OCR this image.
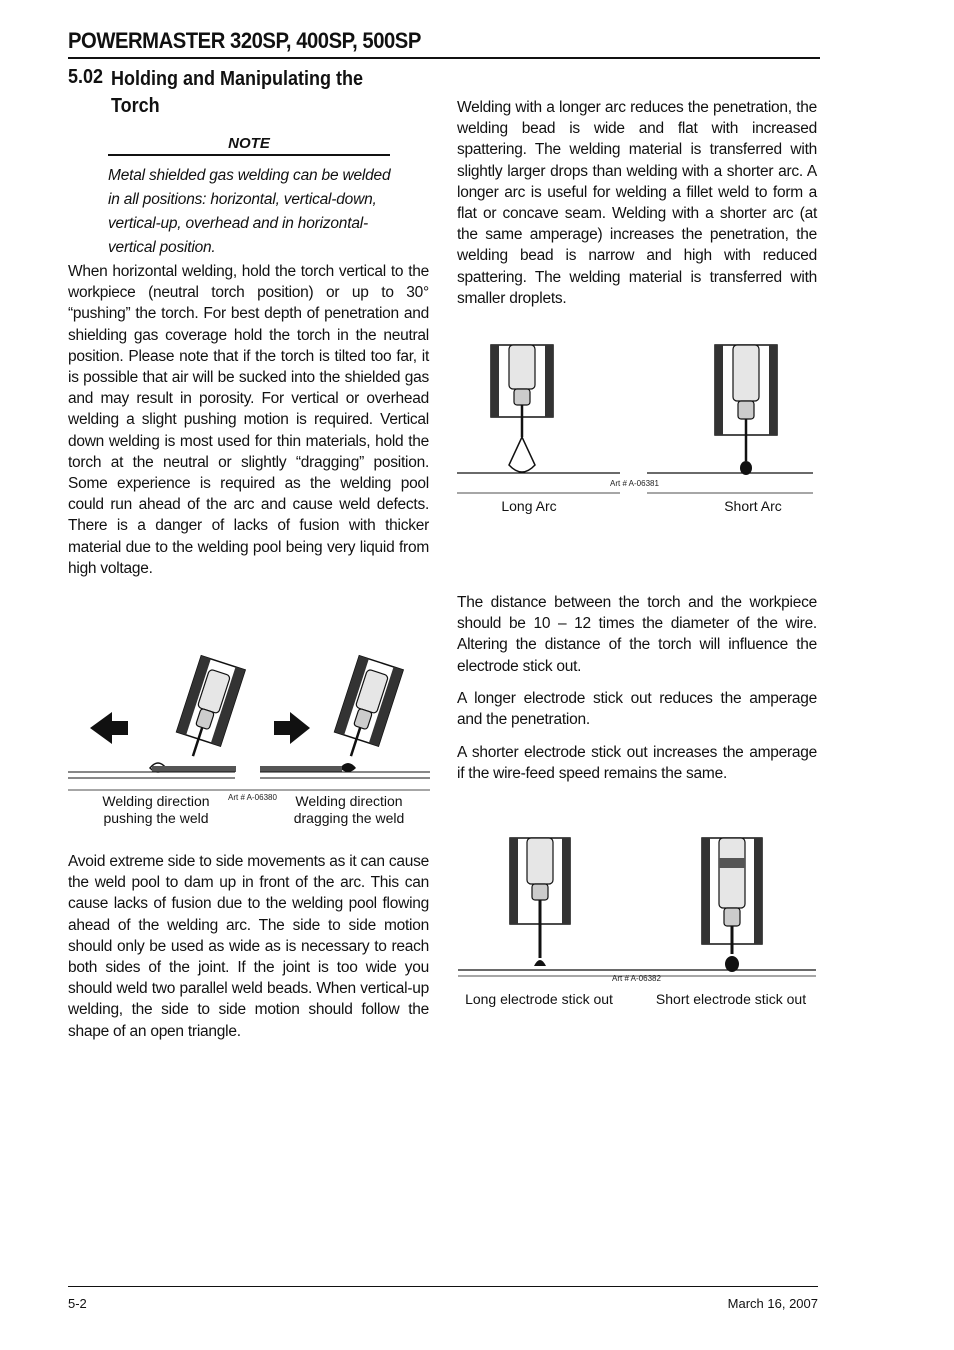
POWERMASTER 320SP, 400SP, 500SP
5.02 Holding and Manipulating the Torch
NOTE
Metal shielded gas welding can be welded in all positions: horizontal, vertical-down, vertical-up, overhead and in horizontal-vertical position.
When horizontal welding, hold the torch vertical to the workpiece (neutral torch position) or up to 30° “pushing” the torch. For best depth of penetration and shielding gas coverage hold the torch in the neutral position. Please note that if the torch is tilted too far, it is possible that air will be sucked into the shielded gas and may result in porosity. For vertical or overhead welding a slight pushing motion is required. Vertical down welding is most used for thin materials, hold the torch at the neutral or slightly “dragging” position. Some experience is required as the welding pool could run ahead of the arc and cause weld defects. There is a danger of lacks of fusion with thicker material due to the welding pool being very liquid from high voltage.
Art # A-06380
Welding direction pushing the weld
Welding direction dragging the weld
Avoid extreme side to side movements as it can cause the weld pool to dam up in front of the arc. This can cause lacks of fusion due to the welding pool flowing ahead of the welding arc. The side to side motion should only be used as wide as is necessary to reach both sides of the joint. If the joint is too wide you should weld two parallel weld beads. When vertical-up welding, the side to side motion should follow the shape of an open triangle.
Welding with a longer arc reduces the penetration, the welding bead is wide and flat with increased spattering. The welding material is transferred with slightly larger drops than welding with a shorter arc. A longer arc is useful for welding a fillet weld to form a flat or concave seam. Welding with a shorter arc (at the same amperage) increases the penetration, the welding bead is narrow and high with reduced spattering. The welding material is transferred with smaller droplets.
Art # A-06381
Long Arc	Short Arc
The distance between the torch and the workpiece should be 10 – 12 times the diameter of the wire. Altering the distance of the torch will influence the electrode stick out.
A longer electrode stick out reduces the amperage and the penetration.
A shorter electrode stick out increases the amperage if the wire-feed speed remains the same.
Art # A-06382
Long electrode stick out	Short electrode stick out
5-2	March 16, 2007
